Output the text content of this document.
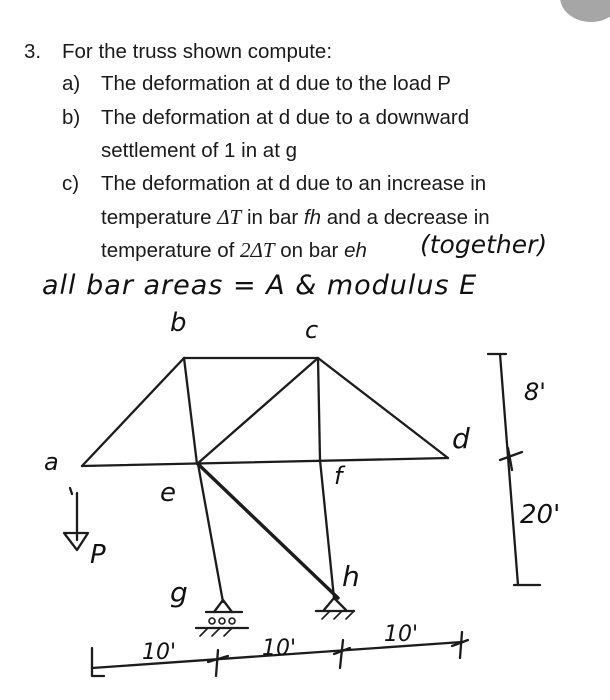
3. For the truss shown compute:
a) The deformation at d due to the load P
b) The deformation at d due to a downward
settlement of 1 in at g
c) The deformation at d due to an increase in
temperature ΔT in bar fh and a decrease in
temperature of 2ΔT on bar eh (together)
all bar areas = A & modulus E
b	c
a
d
e
f
g	h
P
10'	10'
10'
8'
20'
